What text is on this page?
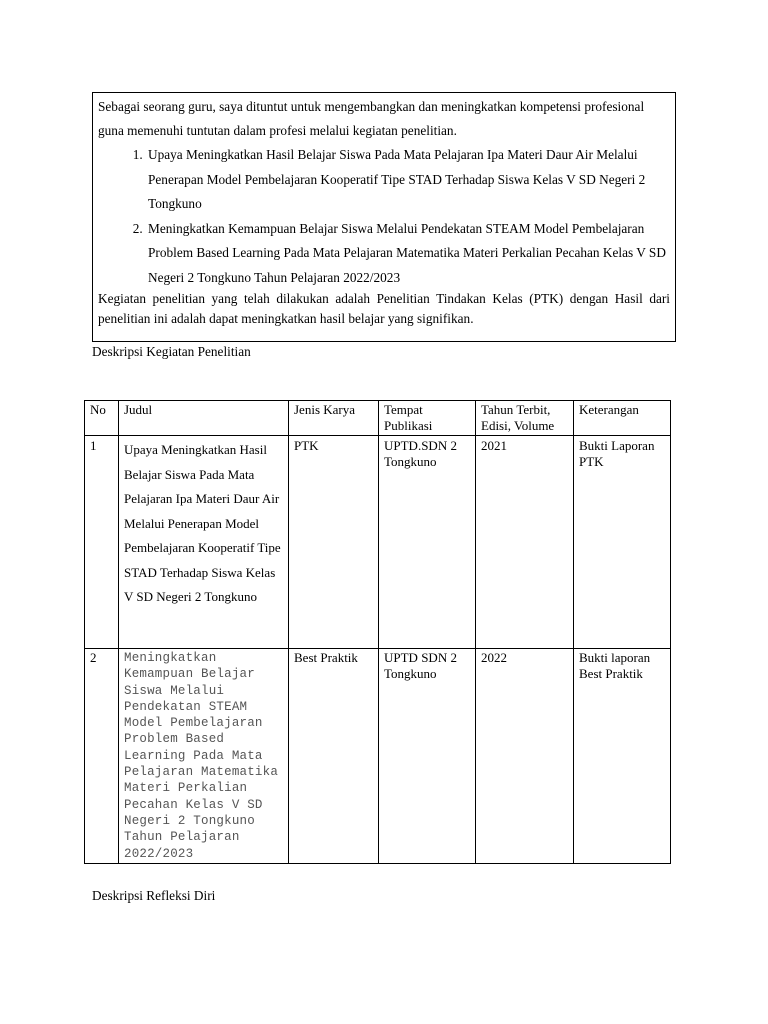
Sebagai seorang guru, saya dituntut untuk mengembangkan dan meningkatkan kompetensi profesional guna memenuhi tuntutan dalam profesi melalui kegiatan penelitian.

1. Upaya Meningkatkan Hasil Belajar Siswa Pada Mata Pelajaran Ipa Materi Daur Air Melalui Penerapan Model Pembelajaran Kooperatif Tipe STAD Terhadap Siswa Kelas V SD Negeri 2 Tongkuno
2. Meningkatkan Kemampuan Belajar Siswa Melalui Pendekatan STEAM Model Pembelajaran Problem Based Learning Pada Mata Pelajaran Matematika Materi Perkalian Pecahan Kelas V SD Negeri 2 Tongkuno Tahun Pelajaran 2022/2023

Kegiatan penelitian yang telah dilakukan adalah Penelitian Tindakan Kelas (PTK) dengan Hasil dari penelitian ini adalah dapat meningkatkan hasil belajar yang signifikan.

Deskripsi Kegiatan Penelitian
No	Judul	Jenis Karya	Tempat Publikasi	Tahun Terbit, Edisi, Volume	Keterangan
1	Upaya Meningkatkan Hasil Belajar Siswa Pada Mata Pelajaran Ipa Materi Daur Air Melalui Penerapan Model Pembelajaran Kooperatif Tipe STAD Terhadap Siswa Kelas V SD Negeri 2 Tongkuno	PTK	UPTD.SDN 2 Tongkuno	2021	Bukti Laporan PTK
2	Meningkatkan Kemampuan Belajar Siswa Melalui Pendekatan STEAM Model Pembelajaran Problem Based Learning Pada Mata Pelajaran Matematika Materi Perkalian Pecahan Kelas V SD Negeri 2 Tongkuno Tahun Pelajaran 2022/2023	Best Praktik	UPTD SDN 2 Tongkuno	2022	Bukti laporan Best Praktik
Deskripsi Refleksi Diri
